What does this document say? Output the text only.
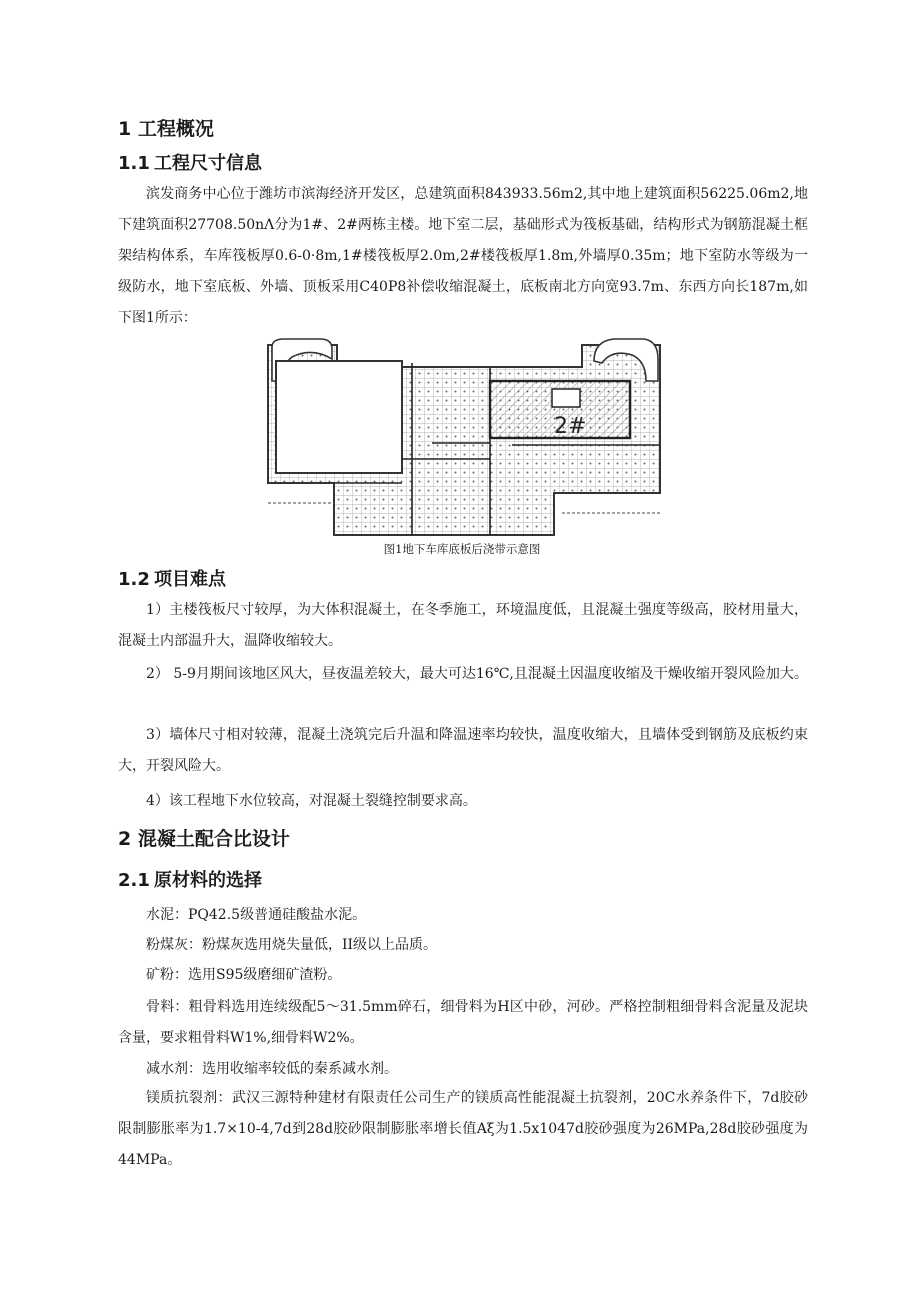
1 工程概况
1.1 工程尺寸信息

滨发商务中心位于潍坊市滨海经济开发区，总建筑面积843933.56m2,其中地上建筑面积56225.06m2,地下建筑面积27708.50nΛ分为1#、2#两栋主楼。地下室二层，基础形式为筏板基础，结构形式为钢筋混凝土框架结构体系，车库筏板厚0.6-0·8m,1#楼筏板厚2.0m,2#楼筏板厚1.8m,外墙厚0.35m；地下室防水等级为一级防水，地下室底板、外墙、顶板采用C40P8补偿收缩混凝土，底板南北方向宽93.7m、东西方向长187m,如下图1所示：

2#
图1地下车库底板后浇带示意图
1.2 项目难点

1）主楼筏板尺寸较厚，为大体积混凝土，在冬季施工，环境温度低，且混凝土强度等级高，胶材用量大，混凝土内部温升大，温降收缩较大。

2） 5-9月期间该地区风大，昼夜温差较大，最大可达16℃,且混凝土因温度收缩及干燥收缩开裂风险加大。

3）墙体尺寸相对较薄，混凝土浇筑完后升温和降温速率均较快，温度收缩大，且墙体受到钢筋及底板约束大，开裂风险大。

4）该工程地下水位较高，对混凝土裂缝控制要求高。
2 混凝土配合比设计
2.1 原材料的选择
水泥：PQ42.5级普通硅酸盐水泥。
粉煤灰：粉煤灰选用烧失量低，II级以上品质。
矿粉：选用S95级磨细矿渣粉。

骨料：粗骨料选用连续级配5～31.5mm碎石，细骨料为H区中砂，河砂。严格控制粗细骨料含泥量及泥块含量，要求粗骨料W1%,细骨料W2%。

减水剂：选用收缩率较低的秦系减水剂。

镁质抗裂剂：武汉三源特种建材有限责任公司生产的镁质高性能混凝土抗裂剂，20C水养条件下，7d胶砂限制膨胀率为1.7×10-4,7d到28d胶砂限制膨胀率增长值Aξ为1.5x1047d胶砂强度为26MPa,28d胶砂强度为44MPa。
